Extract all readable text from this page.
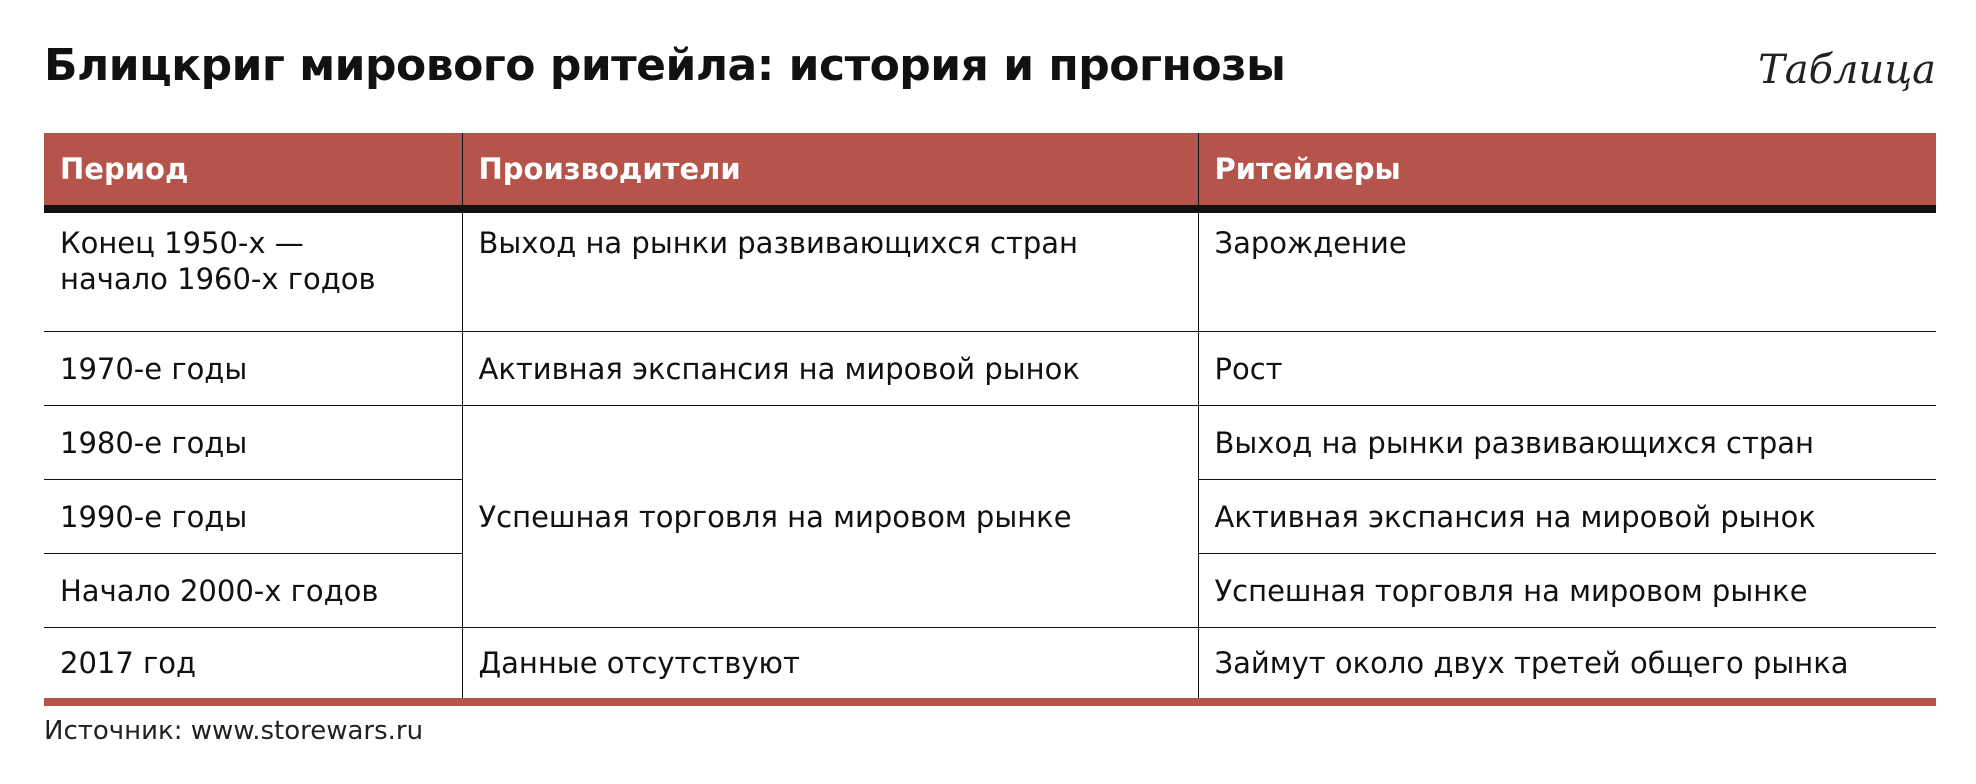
Блицкриг мирового ритейла: история и прогнозы	Таблица
Период	Производители	Ритейлеры
Конец 1950-х — начало 1960-х годов	Выход на рынки развивающихся стран	Зарождение
1970-е годы	Активная экспансия на мировой рынок	Рост
1980-е годы	Успешная торговля на мировом рынке	Выход на рынки развивающихся стран
1990-е годы		Активная экспансия на мировой рынок
Начало 2000-х годов		Успешная торговля на мировом рынке
2017 год	Данные отсутствуют	Займут около двух третей общего рынка
Источник: www.storewars.ru
